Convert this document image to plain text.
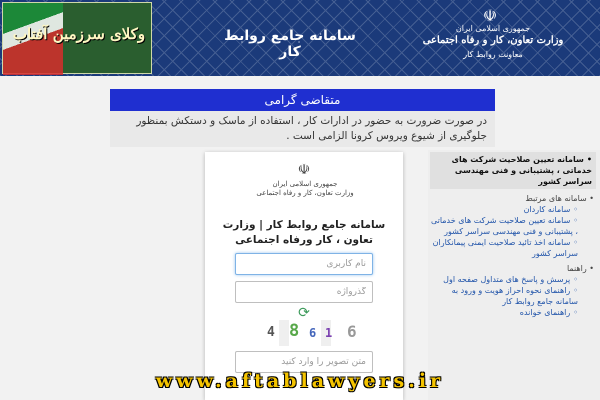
وکلای سرزمین آفتاب	سامانه جامع روابط کار
☫
جمهوری اسلامی ایران
وزارت تعاون، کار و رفاه اجتماعی
معاونت روابط کار
متقاضی گرامی
در صورت ضرورت به حضور در ادارات کار ، استفاده از ماسک و دستکش بمنظور جلوگیری از شیوع ویروس کرونا الزامی است .
•سامانه تعیین صلاحیت شرکت های خدماتی ، پشتیبانی و فنی مهندسی سراسر کشور
• سامانه های مرتبط
◦سامانه کاردان
◦سامانه تعیین صلاحیت شرکت های خدماتی ، پشتیبانی و فنی مهندسی سراسر کشور
◦سامانه اخذ تائید صلاحیت ایمنی پیمانکاران سراسر کشور
• راهنما
◦پرسش و پاسخ های متداول صفحه اول
◦راهنمای نحوه احراز هویت و ورود به سامانه جامع روابط کار
◦راهنمای خوانده
☫
جمهوری اسلامی ایران
وزارت تعاون، کار و رفاه اجتماعی
سامانه جامع روابط کار | وزارت تعاون ، کار ورفاه اجتماعی
نام کاربری
⟳
4 8 6 1 6
متن تصویر را وارد کنید
www.aftablawyers.ir
